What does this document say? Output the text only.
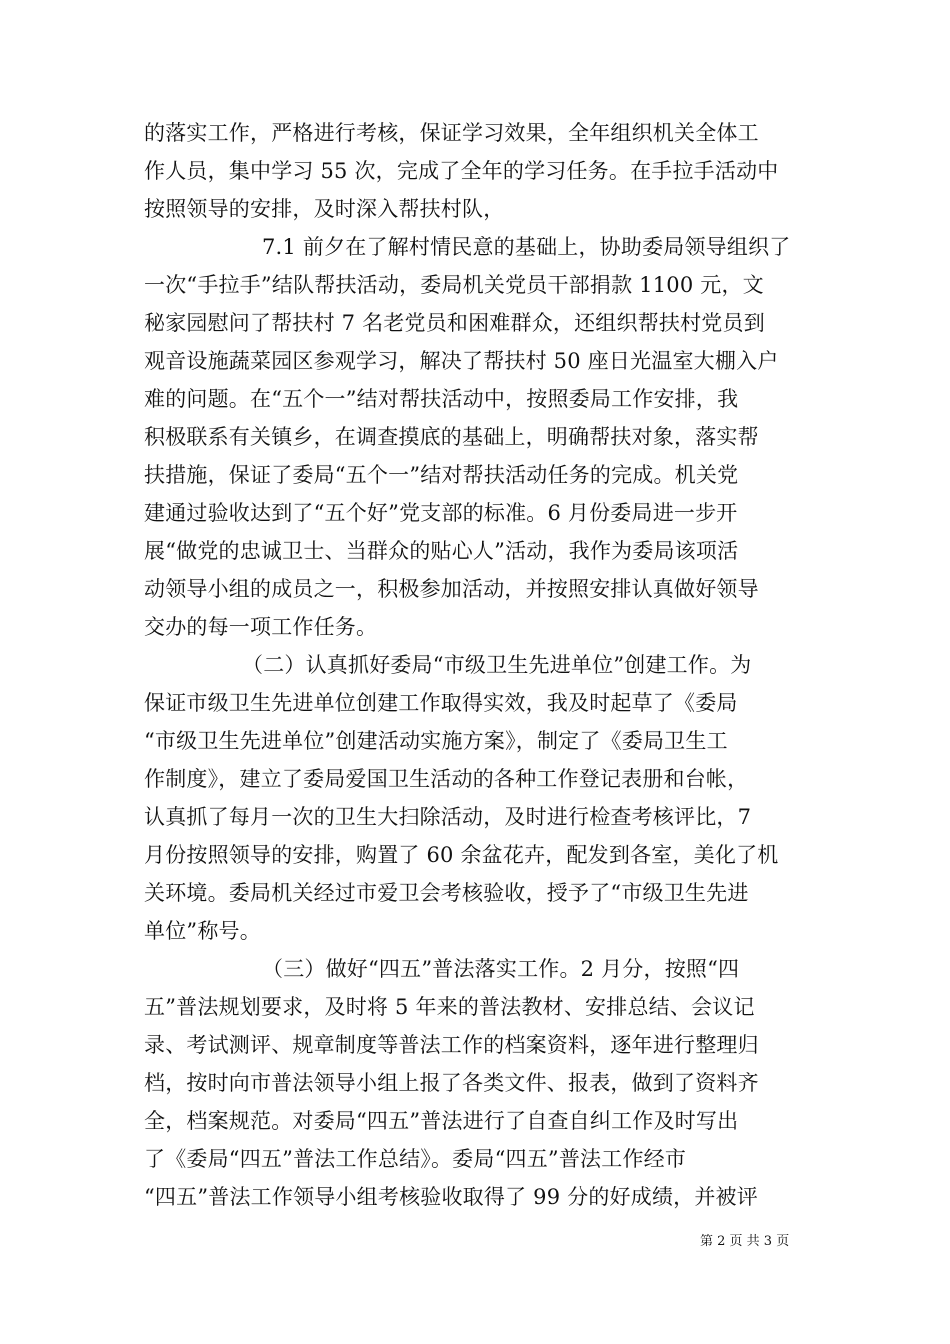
的落实工作，严格进行考核，保证学习效果，全年组织机关全体工
作人员，集中学习 55 次，完成了全年的学习任务。在手拉手活动中
按照领导的安排，及时深入帮扶村队，
7.1 前夕在了解村情民意的基础上，协助委局领导组织了
一次“手拉手”结队帮扶活动，委局机关党员干部捐款 1100 元，文
秘家园慰问了帮扶村 7 名老党员和困难群众，还组织帮扶村党员到
观音设施蔬菜园区参观学习，解决了帮扶村 50 座日光温室大棚入户
难的问题。在“五个一”结对帮扶活动中，按照委局工作安排，我
积极联系有关镇乡，在调查摸底的基础上，明确帮扶对象，落实帮
扶措施，保证了委局“五个一”结对帮扶活动任务的完成。机关党
建通过验收达到了“五个好”党支部的标准。6 月份委局进一步开
展“做党的忠诚卫士、当群众的贴心人”活动，我作为委局该项活
动领导小组的成员之一，积极参加活动，并按照安排认真做好领导
交办的每一项工作任务。
（二）认真抓好委局“市级卫生先进单位”创建工作。为
保证市级卫生先进单位创建工作取得实效，我及时起草了《委局
“市级卫生先进单位”创建活动实施方案》，制定了《委局卫生工
作制度》，建立了委局爱国卫生活动的各种工作登记表册和台帐，
认真抓了每月一次的卫生大扫除活动，及时进行检查考核评比，7
月份按照领导的安排，购置了 60 余盆花卉，配发到各室，美化了机
关环境。委局机关经过市爱卫会考核验收，授予了“市级卫生先进
单位”称号。
（三）做好“四五”普法落实工作。2 月分，按照“四
五”普法规划要求，及时将 5 年来的普法教材、安排总结、会议记
录、考试测评、规章制度等普法工作的档案资料，逐年进行整理归
档，按时向市普法领导小组上报了各类文件、报表，做到了资料齐
全，档案规范。对委局“四五”普法进行了自查自纠工作及时写出
了《委局“四五”普法工作总结》。委局“四五”普法工作经市
“四五”普法工作领导小组考核验收取得了 99 分的好成绩，并被评
第 2 页 共 3 页
